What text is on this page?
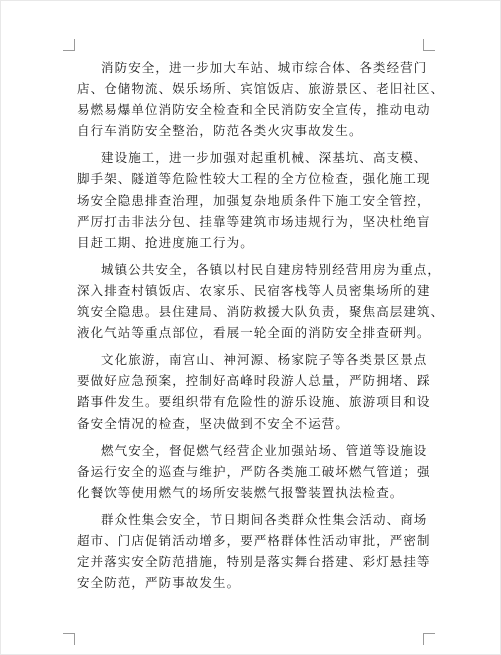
消防安全，进一步加大车站、城市综合体、各类经营门

店、仓储物流、娱乐场所、宾馆饭店、旅游景区、老旧社区、

易燃易爆单位消防安全检查和全民消防安全宣传，推动电动

自行车消防安全整治，防范各类火灾事故发生。

建设施工，进一步加强对起重机械、深基坑、高支模、

脚手架、隧道等危险性较大工程的全方位检查，强化施工现

场安全隐患排查治理，加强复杂地质条件下施工安全管控，

严厉打击非法分包、挂靠等建筑市场违规行为，坚决杜绝盲

目赶工期、抢进度施工行为。

城镇公共安全，各镇以村民自建房特别经营用房为重点，

深入排查村镇饭店、农家乐、民宿客栈等人员密集场所的建

筑安全隐患。县住建局、消防救援大队负责，聚焦高层建筑、

液化气站等重点部位，看展一轮全面的消防安全排查研判。

文化旅游，南宫山、神河源、杨家院子等各类景区景点

要做好应急预案，控制好高峰时段游人总量，严防拥堵、踩

踏事件发生。要组织带有危险性的游乐设施、旅游项目和设

备安全情况的检查，坚决做到不安全不运营。

燃气安全，督促燃气经营企业加强站场、管道等设施设

备运行安全的巡查与维护，严防各类施工破坏燃气管道；强

化餐饮等使用燃气的场所安装燃气报警装置执法检查。

群众性集会安全，节日期间各类群众性集会活动、商场

超市、门店促销活动增多，要严格群体性活动审批，严密制

定并落实安全防范措施，特别是落实舞台搭建、彩灯悬挂等

安全防范，严防事故发生。
